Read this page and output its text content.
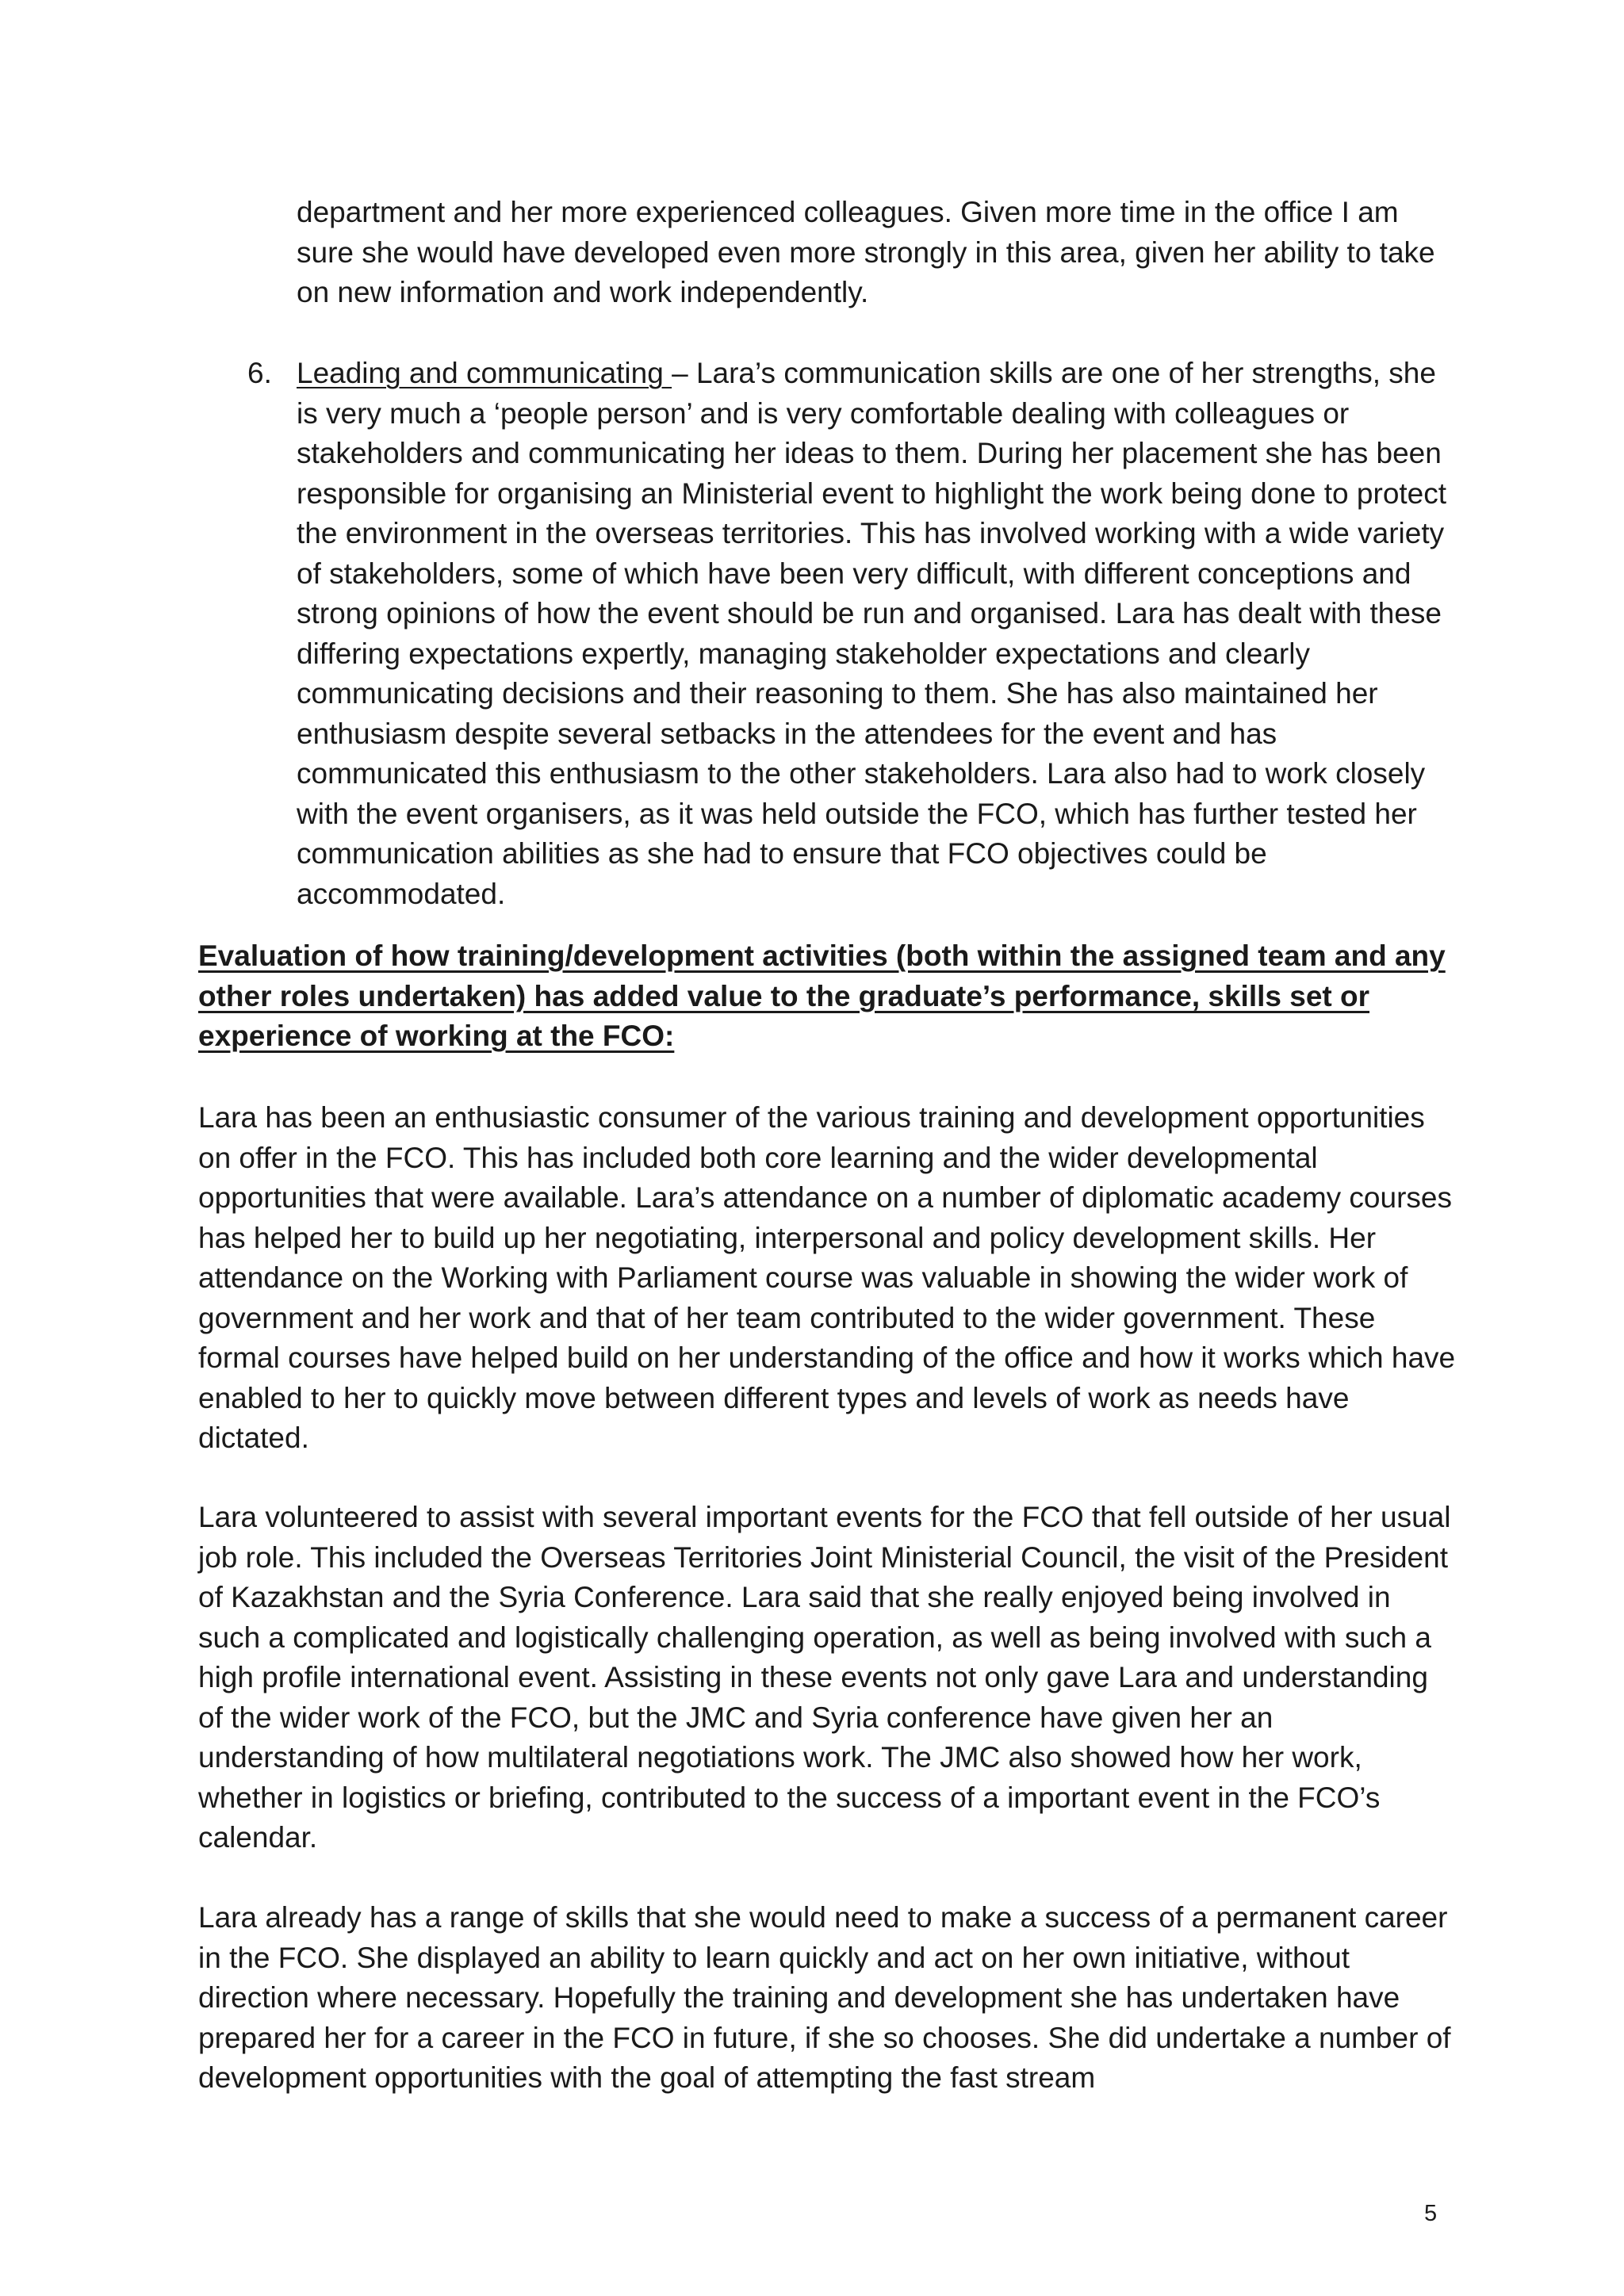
department and her more experienced colleagues. Given more time in the office I am sure she would have developed even more strongly in this area, given her ability to take on new information and work independently.

6. Leading and communicating – Lara’s communication skills are one of her strengths, she is very much a ‘people person’ and is very comfortable dealing with colleagues or stakeholders and communicating her ideas to them. During her placement she has been responsible for organising an Ministerial event to highlight the work being done to protect the environment in the overseas territories. This has involved working with a wide variety of stakeholders, some of which have been very difficult, with different conceptions and strong opinions of how the event should be run and organised. Lara has dealt with these differing expectations expertly, managing stakeholder expectations and clearly communicating decisions and their reasoning to them. She has also maintained her enthusiasm despite several setbacks in the attendees for the event and has communicated this enthusiasm to the other stakeholders. Lara also had to work closely with the event organisers, as it was held outside the FCO, which has further tested her communication abilities as she had to ensure that FCO objectives could be accommodated.

Evaluation of how training/development activities (both within the assigned team and any other roles undertaken) has added value to the graduate’s performance, skills set or experience of working at the FCO:

Lara has been an enthusiastic consumer of the various training and development opportunities on offer in the FCO. This has included both core learning and the wider developmental opportunities that were available. Lara’s attendance on a number of diplomatic academy courses has helped her to build up her negotiating, interpersonal and policy development skills. Her attendance on the Working with Parliament course was valuable in showing the wider work of government and her work and that of her team contributed to the wider government. These formal courses have helped build on her understanding of the office and how it works which have enabled to her to quickly move between different types and levels of work as needs have dictated.

Lara volunteered to assist with several important events for the FCO that fell outside of her usual job role. This included the Overseas Territories Joint Ministerial Council, the visit of the President of Kazakhstan and the Syria Conference. Lara said that she really enjoyed being involved in such a complicated and logistically challenging operation, as well as being involved with such a high profile international event. Assisting in these events not only gave Lara and understanding of the wider work of the FCO, but the JMC and Syria conference have given her an understanding of how multilateral negotiations work. The JMC also showed how her work, whether in logistics or briefing, contributed to the success of a important event in the FCO’s calendar.

Lara already has a range of skills that she would need to make a success of a permanent career in the FCO. She displayed an ability to learn quickly and act on her own initiative, without direction where necessary. Hopefully the training and development she has undertaken have prepared her for a career in the FCO in future, if she so chooses. She did undertake a number of development opportunities with the goal of attempting the fast stream

5
